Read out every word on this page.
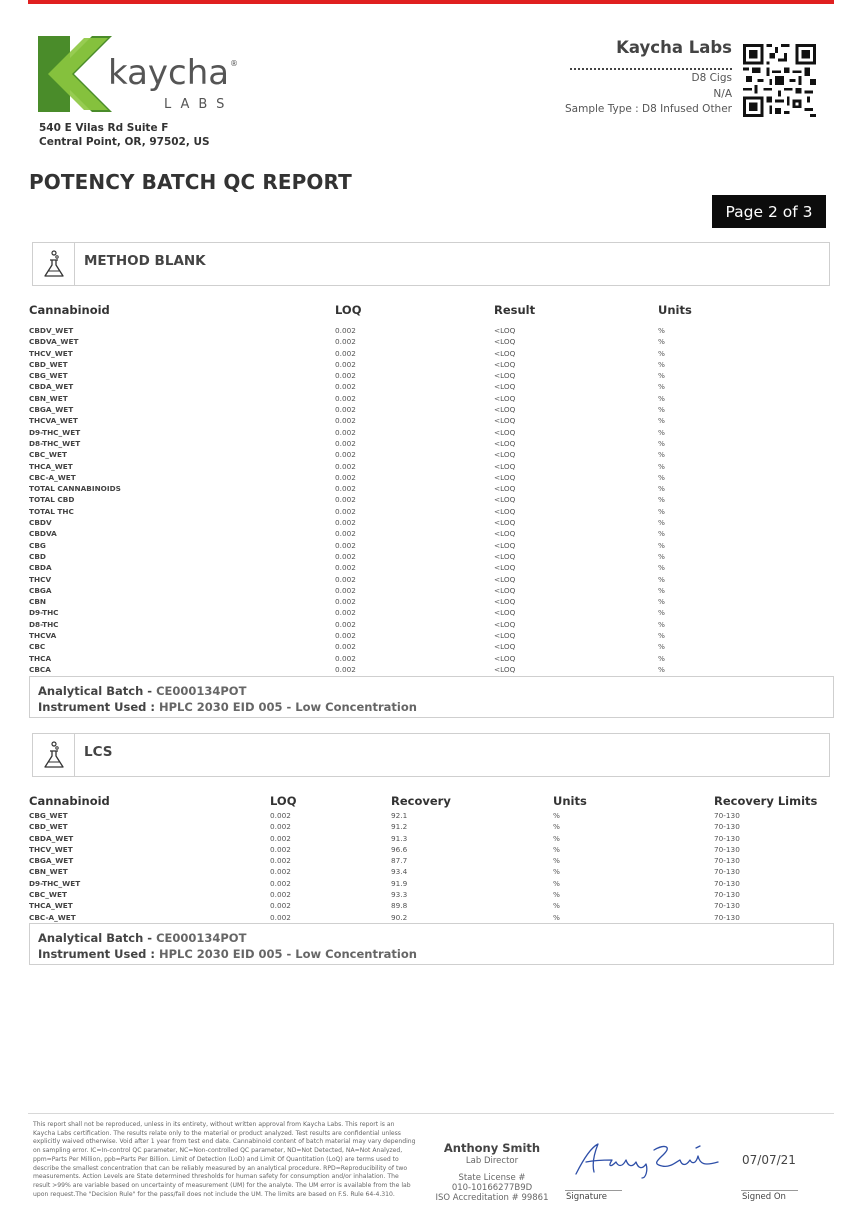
kaycha ®
LABS
540 E Vilas Rd Suite F
Central Point, OR, 97502, US
Kaycha Labs
D8 Cigs
N/A
Sample Type : D8 Infused Other
POTENCY BATCH QC REPORT
Page 2 of 3
METHOD BLANK
Cannabinoid	LOQ	Result	Units
CBDV_WET	0.002	<LOQ	%
CBDVA_WET	0.002	<LOQ	%
THCV_WET	0.002	<LOQ	%
CBD_WET	0.002	<LOQ	%
CBG_WET	0.002	<LOQ	%
CBDA_WET	0.002	<LOQ	%
CBN_WET	0.002	<LOQ	%
CBGA_WET	0.002	<LOQ	%
THCVA_WET	0.002	<LOQ	%
D9-THC_WET	0.002	<LOQ	%
D8-THC_WET	0.002	<LOQ	%
CBC_WET	0.002	<LOQ	%
THCA_WET	0.002	<LOQ	%
CBC-A_WET	0.002	<LOQ	%
TOTAL CANNABINOIDS	0.002	<LOQ	%
TOTAL CBD	0.002	<LOQ	%
TOTAL THC	0.002	<LOQ	%
CBDV	0.002	<LOQ	%
CBDVA	0.002	<LOQ	%
CBG	0.002	<LOQ	%
CBD	0.002	<LOQ	%
CBDA	0.002	<LOQ	%
THCV	0.002	<LOQ	%
CBGA	0.002	<LOQ	%
CBN	0.002	<LOQ	%
D9-THC	0.002	<LOQ	%
D8-THC	0.002	<LOQ	%
THCVA	0.002	<LOQ	%
CBC	0.002	<LOQ	%
THCA	0.002	<LOQ	%
CBCA	0.002	<LOQ	%
Analytical Batch - CE000134POT
Instrument Used : HPLC 2030 EID 005 - Low Concentration
LCS
Cannabinoid	LOQ	Recovery	Units	Recovery Limits
CBG_WET	0.002	92.1	%	70-130
CBD_WET	0.002	91.2	%	70-130
CBDA_WET	0.002	91.3	%	70-130
THCV_WET	0.002	96.6	%	70-130
CBGA_WET	0.002	87.7	%	70-130
CBN_WET	0.002	93.4	%	70-130
D9-THC_WET	0.002	91.9	%	70-130
CBC_WET	0.002	93.3	%	70-130
THCA_WET	0.002	89.8	%	70-130
CBC-A_WET	0.002	90.2	%	70-130
Analytical Batch - CE000134POT
Instrument Used : HPLC 2030 EID 005 - Low Concentration
This report shall not be reproduced, unless in its entirety, without written approval from Kaycha Labs. This report is an Kaycha Labs certification. The results relate only to the material or product analyzed. Test results are confidential unless explicitly waived otherwise. Void after 1 year from test end date. Cannabinoid content of batch material may vary depending on sampling error. IC=In-control QC parameter, NC=Non-controlled QC parameter, ND=Not Detected, NA=Not Analyzed, ppm=Parts Per Million, ppb=Parts Per Billion. Limit of Detection (LoD) and Limit Of Quantitation (LoQ) are terms used to describe the smallest concentration that can be reliably measured by an analytical procedure. RPD=Reproducibility of two measurements. Action Levels are State determined thresholds for human safety for consumption and/or inhalation. The result >99% are variable based on uncertainty of measurement (UM) for the analyte. The UM error is available from the lab upon request.The "Decision Rule" for the pass/fail does not include the UM. The limits are based on F.S. Rule 64-4.310.
Anthony Smith
Lab Director
State License #
010-10166277B9D
ISO Accreditation # 99861	Signature
07/07/21
Signed On
